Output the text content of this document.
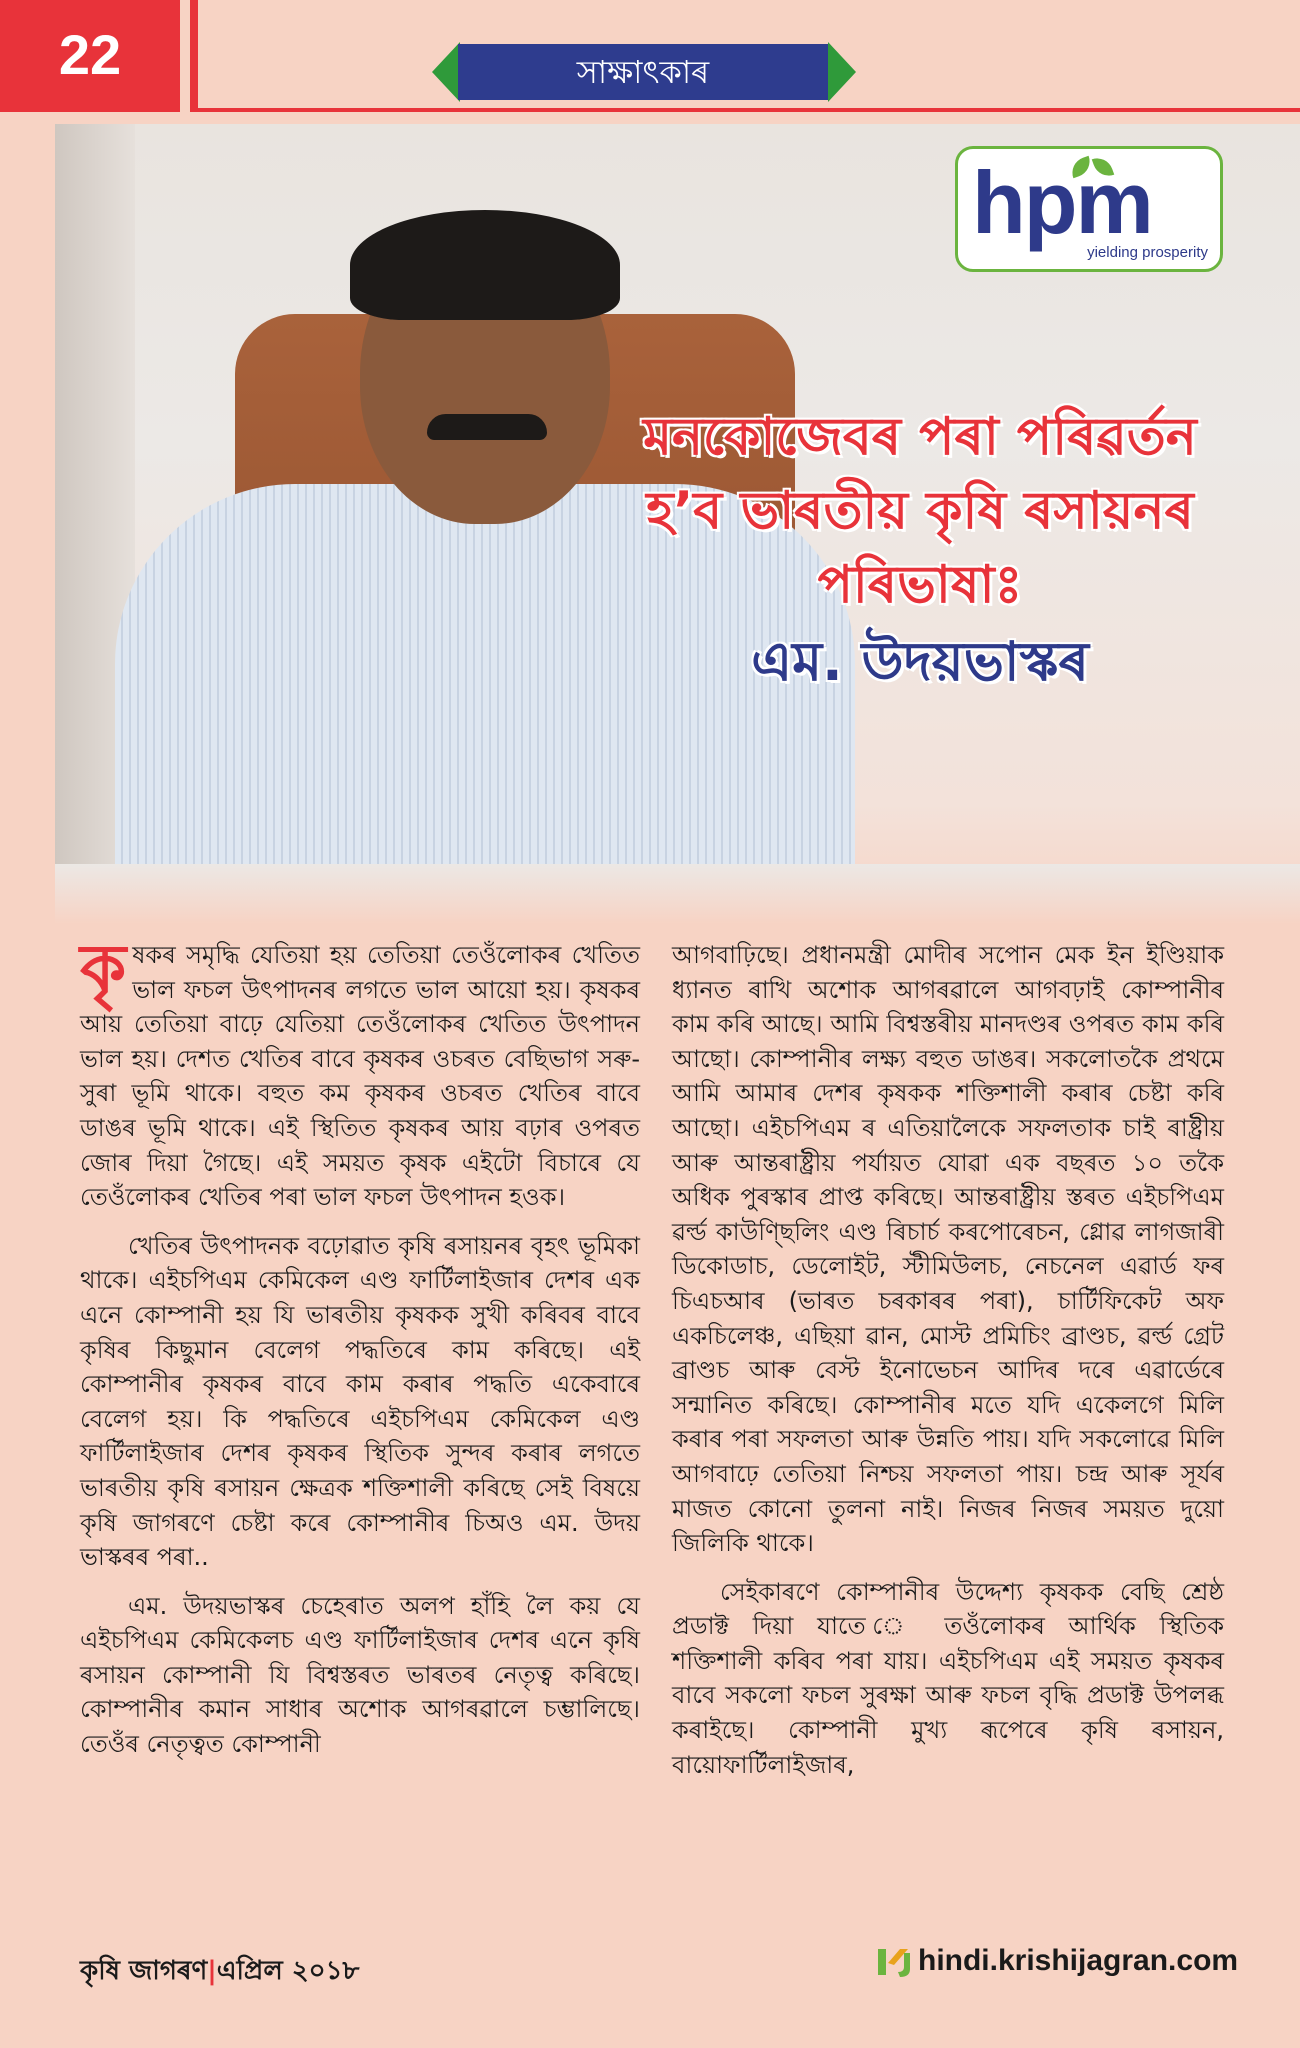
22	সাক্ষাৎকাৰ
hpm
yielding prosperity
মনকোজেবৰ পৰা পৰিৱৰ্তন
হ’ব ভাৰতীয় কৃষি ৰসায়নৰ
পৰিভাষাঃ
এম. উদয়ভাস্কৰ

কৃষকৰ সমৃদ্ধি যেতিয়া হয় তেতিয়া তেওঁলোকৰ খেতিত ভাল ফচল উৎপাদনৰ লগতে ভাল আয়ো হয়। কৃষকৰ আয় তেতিয়া বাঢ়ে যেতিয়া তেওঁলোকৰ খেতিত উৎপাদন ভাল হয়। দেশত খেতিৰ বাবে কৃষকৰ ওচৰত বেছিভাগ সৰু-সুৰা ভূমি থাকে। বহুত কম কৃষকৰ ওচৰত খেতিৰ বাবে ডাঙৰ ভূমি থাকে। এই স্থিতিত কৃষকৰ আয় বঢ়াৰ ওপৰত জোৰ দিয়া গৈছে। এই সময়ত কৃষক এইটো বিচাৰে যে তেওঁলোকৰ খেতিৰ পৰা ভাল ফচল উৎপাদন হওক।

খেতিৰ উৎপাদনক বঢ়োৱাত কৃষি ৰসায়নৰ বৃহৎ ভূমিকা থাকে। এইচপিএম কেমিকেল এণ্ড ফাৰ্টিলাইজাৰ দেশৰ এক এনে কোম্পানী হয় যি ভাৰতীয় কৃষকক সুখী কৰিবৰ বাবে কৃষিৰ কিছুমান বেলেগ পদ্ধতিৰে কাম কৰিছে। এই কোম্পানীৰ কৃষকৰ বাবে কাম কৰাৰ পদ্ধতি একেবাৰে বেলেগ হয়। কি পদ্ধতিৰে এইচপিএম কেমিকেল এণ্ড ফাৰ্টিলাইজাৰ দেশৰ কৃষকৰ স্থিতিক সুন্দৰ কৰাৰ লগতে ভাৰতীয় কৃষি ৰসায়ন ক্ষেত্ৰক শক্তিশালী কৰিছে সেই বিষয়ে কৃষি জাগৰণে চেষ্টা কৰে কোম্পানীৰ চিঅও এম. উদয় ভাস্কৰৰ পৰা..

এম. উদয়ভাস্কৰ চেহেৰাত অলপ হাঁহি লৈ কয় যে এইচপিএম কেমিকেলচ এণ্ড ফাৰ্টিলাইজাৰ দেশৰ এনে কৃষি ৰসায়ন কোম্পানী যি বিশ্বস্তৰত ভাৰতৰ নেতৃত্ব কৰিছে। কোম্পানীৰ কমান সাধাৰ অশোক আগৰৱালে চম্ভালিছে। তেওঁৰ নেতৃত্বত কোম্পানী

আগবাঢ়িছে। প্ৰধানমন্ত্ৰী মোদীৰ সপোন মেক ইন ইণ্ডিয়াক ধ্যানত ৰাখি অশোক আগৰৱালে আগবঢ়াই কোম্পানীৰ কাম কৰি আছে। আমি বিশ্বস্তৰীয় মানদণ্ডৰ ওপৰত কাম কৰি আছো। কোম্পানীৰ লক্ষ্য বহুত ডাঙৰ। সকলোতকৈ প্ৰথমে আমি আমাৰ দেশৰ কৃষকক শক্তিশালী কৰাৰ চেষ্টা কৰি আছো। এইচপিএম ৰ এতিয়ালৈকে সফলতাক চাই ৰাষ্ট্ৰীয় আৰু আন্তৰাষ্ট্ৰীয় পৰ্যায়ত যোৱা এক বছৰত ১০ তকৈ অধিক পুৰস্কাৰ প্ৰাপ্ত কৰিছে। আন্তৰাষ্ট্ৰীয় স্তৰত এইচপিএম ৱৰ্ল্ড কাউণ্ছিলিং এণ্ড ৰিচাৰ্চ কৰপোৰেচন, গ্লোৱ লাগজাৰী ডিকোডাচ, ডেলোইট, স্টীমিউলচ, নেচনেল এৱাৰ্ড ফৰ চিএচআৰ (ভাৰত চৰকাৰৰ পৰা), চাৰ্টিফিকেট অফ একচিলেঞ্চ, এছিয়া ৱান, মোস্ট প্ৰমিচিং ব্ৰাণ্ডচ, ৱৰ্ল্ড গ্ৰেট ব্ৰাণ্ডচ আৰু বেস্ট ইনোভেচন আদিৰ দৰে এৱাৰ্ডেৰে সন্মানিত কৰিছে। কোম্পানীৰ মতে যদি একেলগে মিলি কৰাৰ পৰা সফলতা আৰু উন্নতি পায়। যদি সকলোৱে মিলি আগবাঢ়ে তেতিয়া নিশ্চয় সফলতা পায়। চন্দ্ৰ আৰু সূৰ্যৰ মাজত কোনো তুলনা নাই। নিজৰ নিজৰ সময়ত দুয়ো জিলিকি থাকে।

সেইকাৰণে কোম্পানীৰ উদ্দেশ্য কৃষকক বেছি শ্ৰেষ্ঠ প্ৰডাক্ট দিয়া যাতে ে তওঁলোকৰ আৰ্থিক স্থিতিক শক্তিশালী কৰিব পৰা যায়। এইচপিএম এই সময়ত কৃষকৰ বাবে সকলো ফচল সুৰক্ষা আৰু ফচল বৃদ্ধি প্ৰডাক্ট উপলব্ধ কৰাইছে। কোম্পানী মুখ্য ৰূপেৰে কৃষি ৰসায়ন, বায়োফাৰ্টিলাইজাৰ,

কৃষি জাগৰণ|এপ্ৰিল ২০১৮	hindi.krishijagran.com
